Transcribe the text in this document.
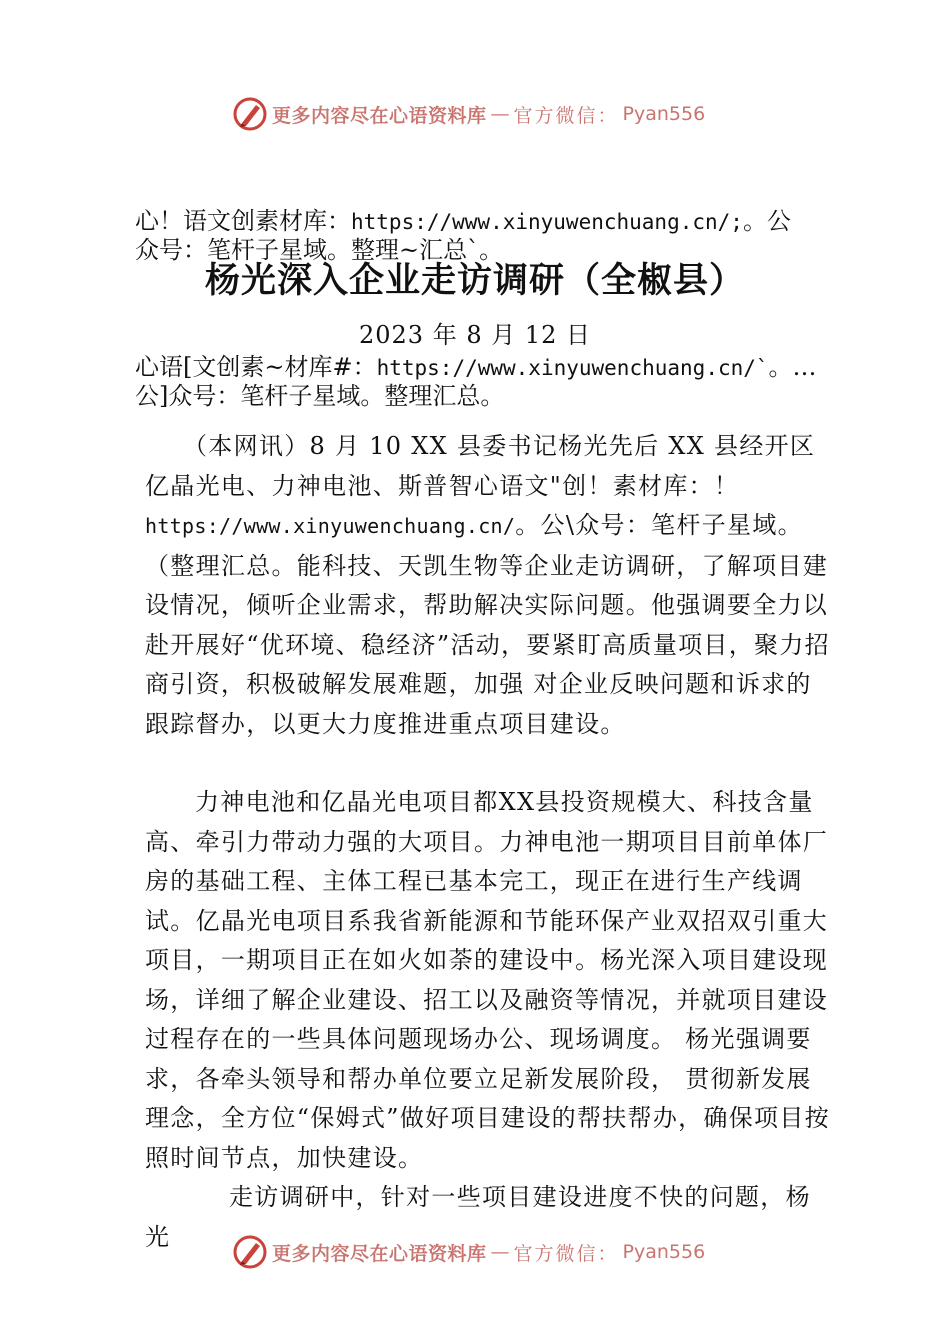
更多内容尽在心语资料库 — 官方微信： Pyan556
心！语文创素材库：https://www.xinyuwenchuang.cn/;。公
众号：笔杆子星域。整理~汇总`。
杨光深入企业走访调研（全椒县）
2023 年 8 月 12 日
心语[文创素~材库#：https://www.xinyuwenchuang.cn/`。…
公]众号：笔杆子星域。整理汇总。
（本网讯）8 月 10 XX 县委书记杨光先后 XX 县经开区亿晶光电、力神电池、斯普智心语文"创！素材库：！https://www.xinyuwenchuang.cn/。公\众号：笔杆子星域。（整理汇总。能科技、天凯生物等企业走访调研，了解项目建设情况，倾听企业需求，帮助解决实际问题。他强调要全力以赴开展好“优环境、稳经济”活动，要紧盯高质量项目，聚力招商引资，积极破解发展难题，加强 对企业反映问题和诉求的跟踪督办，以更大力度推进重点项目建设。
力神电池和亿晶光电项目都XX县投资规模大、科技含量高、牵引力带动力强的大项目。力神电池一期项目目前单体厂房的基础工程、主体工程已基本完工，现正在进行生产线调试。亿晶光电项目系我省新能源和节能环保产业双招双引重大项目，一期项目正在如火如荼的建设中。杨光深入项目建设现场，详细了解企业建设、招工以及融资等情况，并就项目建设过程存在的一些具体问题现场办公、现场调度。 杨光强调要求，各牵头领导和帮办单位要立足新发展阶段， 贯彻新发展理念，全方位“保姆式”做好项目建设的帮扶帮办，确保项目按照时间节点，加快建设。
走访调研中，针对一些项目建设进度不快的问题，杨光
更多内容尽在心语资料库 — 官方微信： Pyan556
